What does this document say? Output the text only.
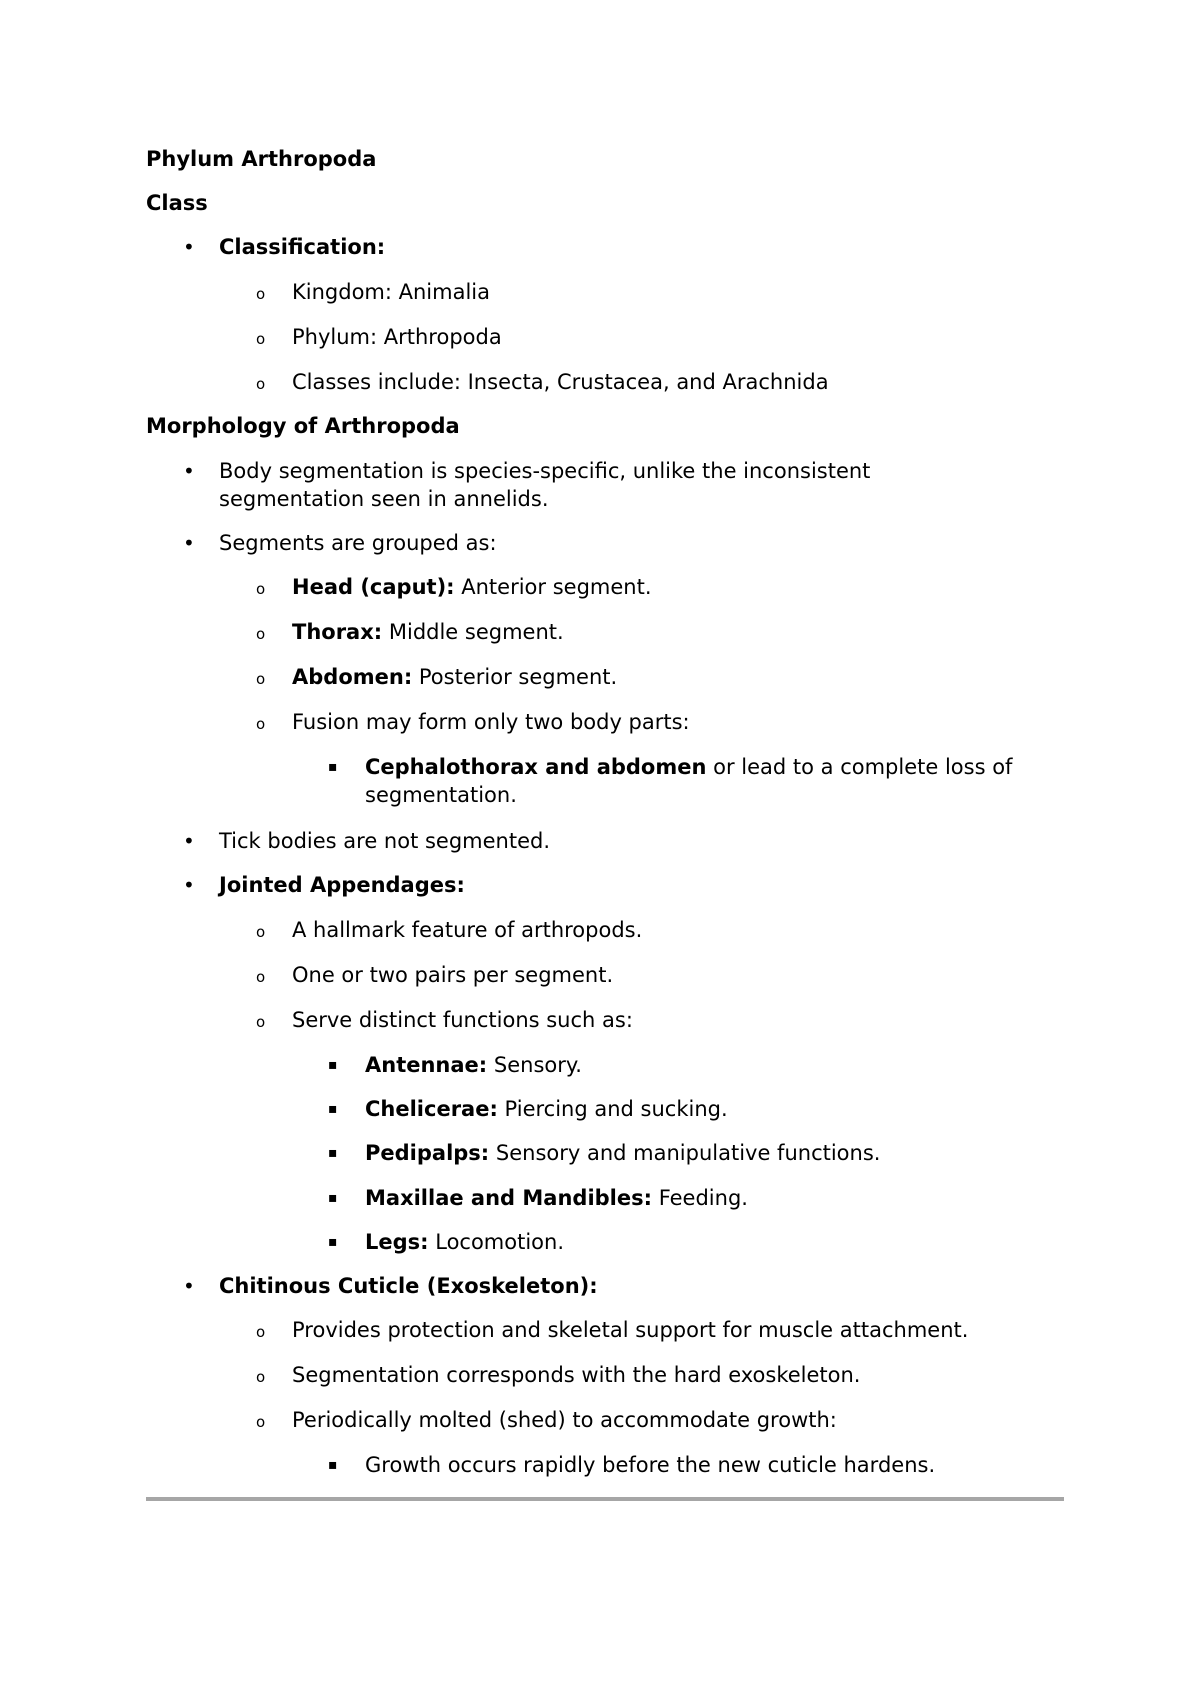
Phylum Arthropoda
Class
• Classification:
o Kingdom: Animalia
o Phylum: Arthropoda
o Classes include: Insecta, Crustacea, and Arachnida
Morphology of Arthropoda
• Body segmentation is species-specific, unlike the inconsistent
segmentation seen in annelids.
• Segments are grouped as:
o Head (caput): Anterior segment.
o Thorax: Middle segment.
o Abdomen: Posterior segment.
o Fusion may form only two body parts:
▪ Cephalothorax and abdomen or lead to a complete loss of
segmentation.
• Tick bodies are not segmented.
• Jointed Appendages:
o A hallmark feature of arthropods.
o One or two pairs per segment.
o Serve distinct functions such as:
▪ Antennae: Sensory.
▪ Chelicerae: Piercing and sucking.
▪ Pedipalps: Sensory and manipulative functions.
▪ Maxillae and Mandibles: Feeding.
▪ Legs: Locomotion.
• Chitinous Cuticle (Exoskeleton):
o Provides protection and skeletal support for muscle attachment.
o Segmentation corresponds with the hard exoskeleton.
o Periodically molted (shed) to accommodate growth:
▪ Growth occurs rapidly before the new cuticle hardens.
